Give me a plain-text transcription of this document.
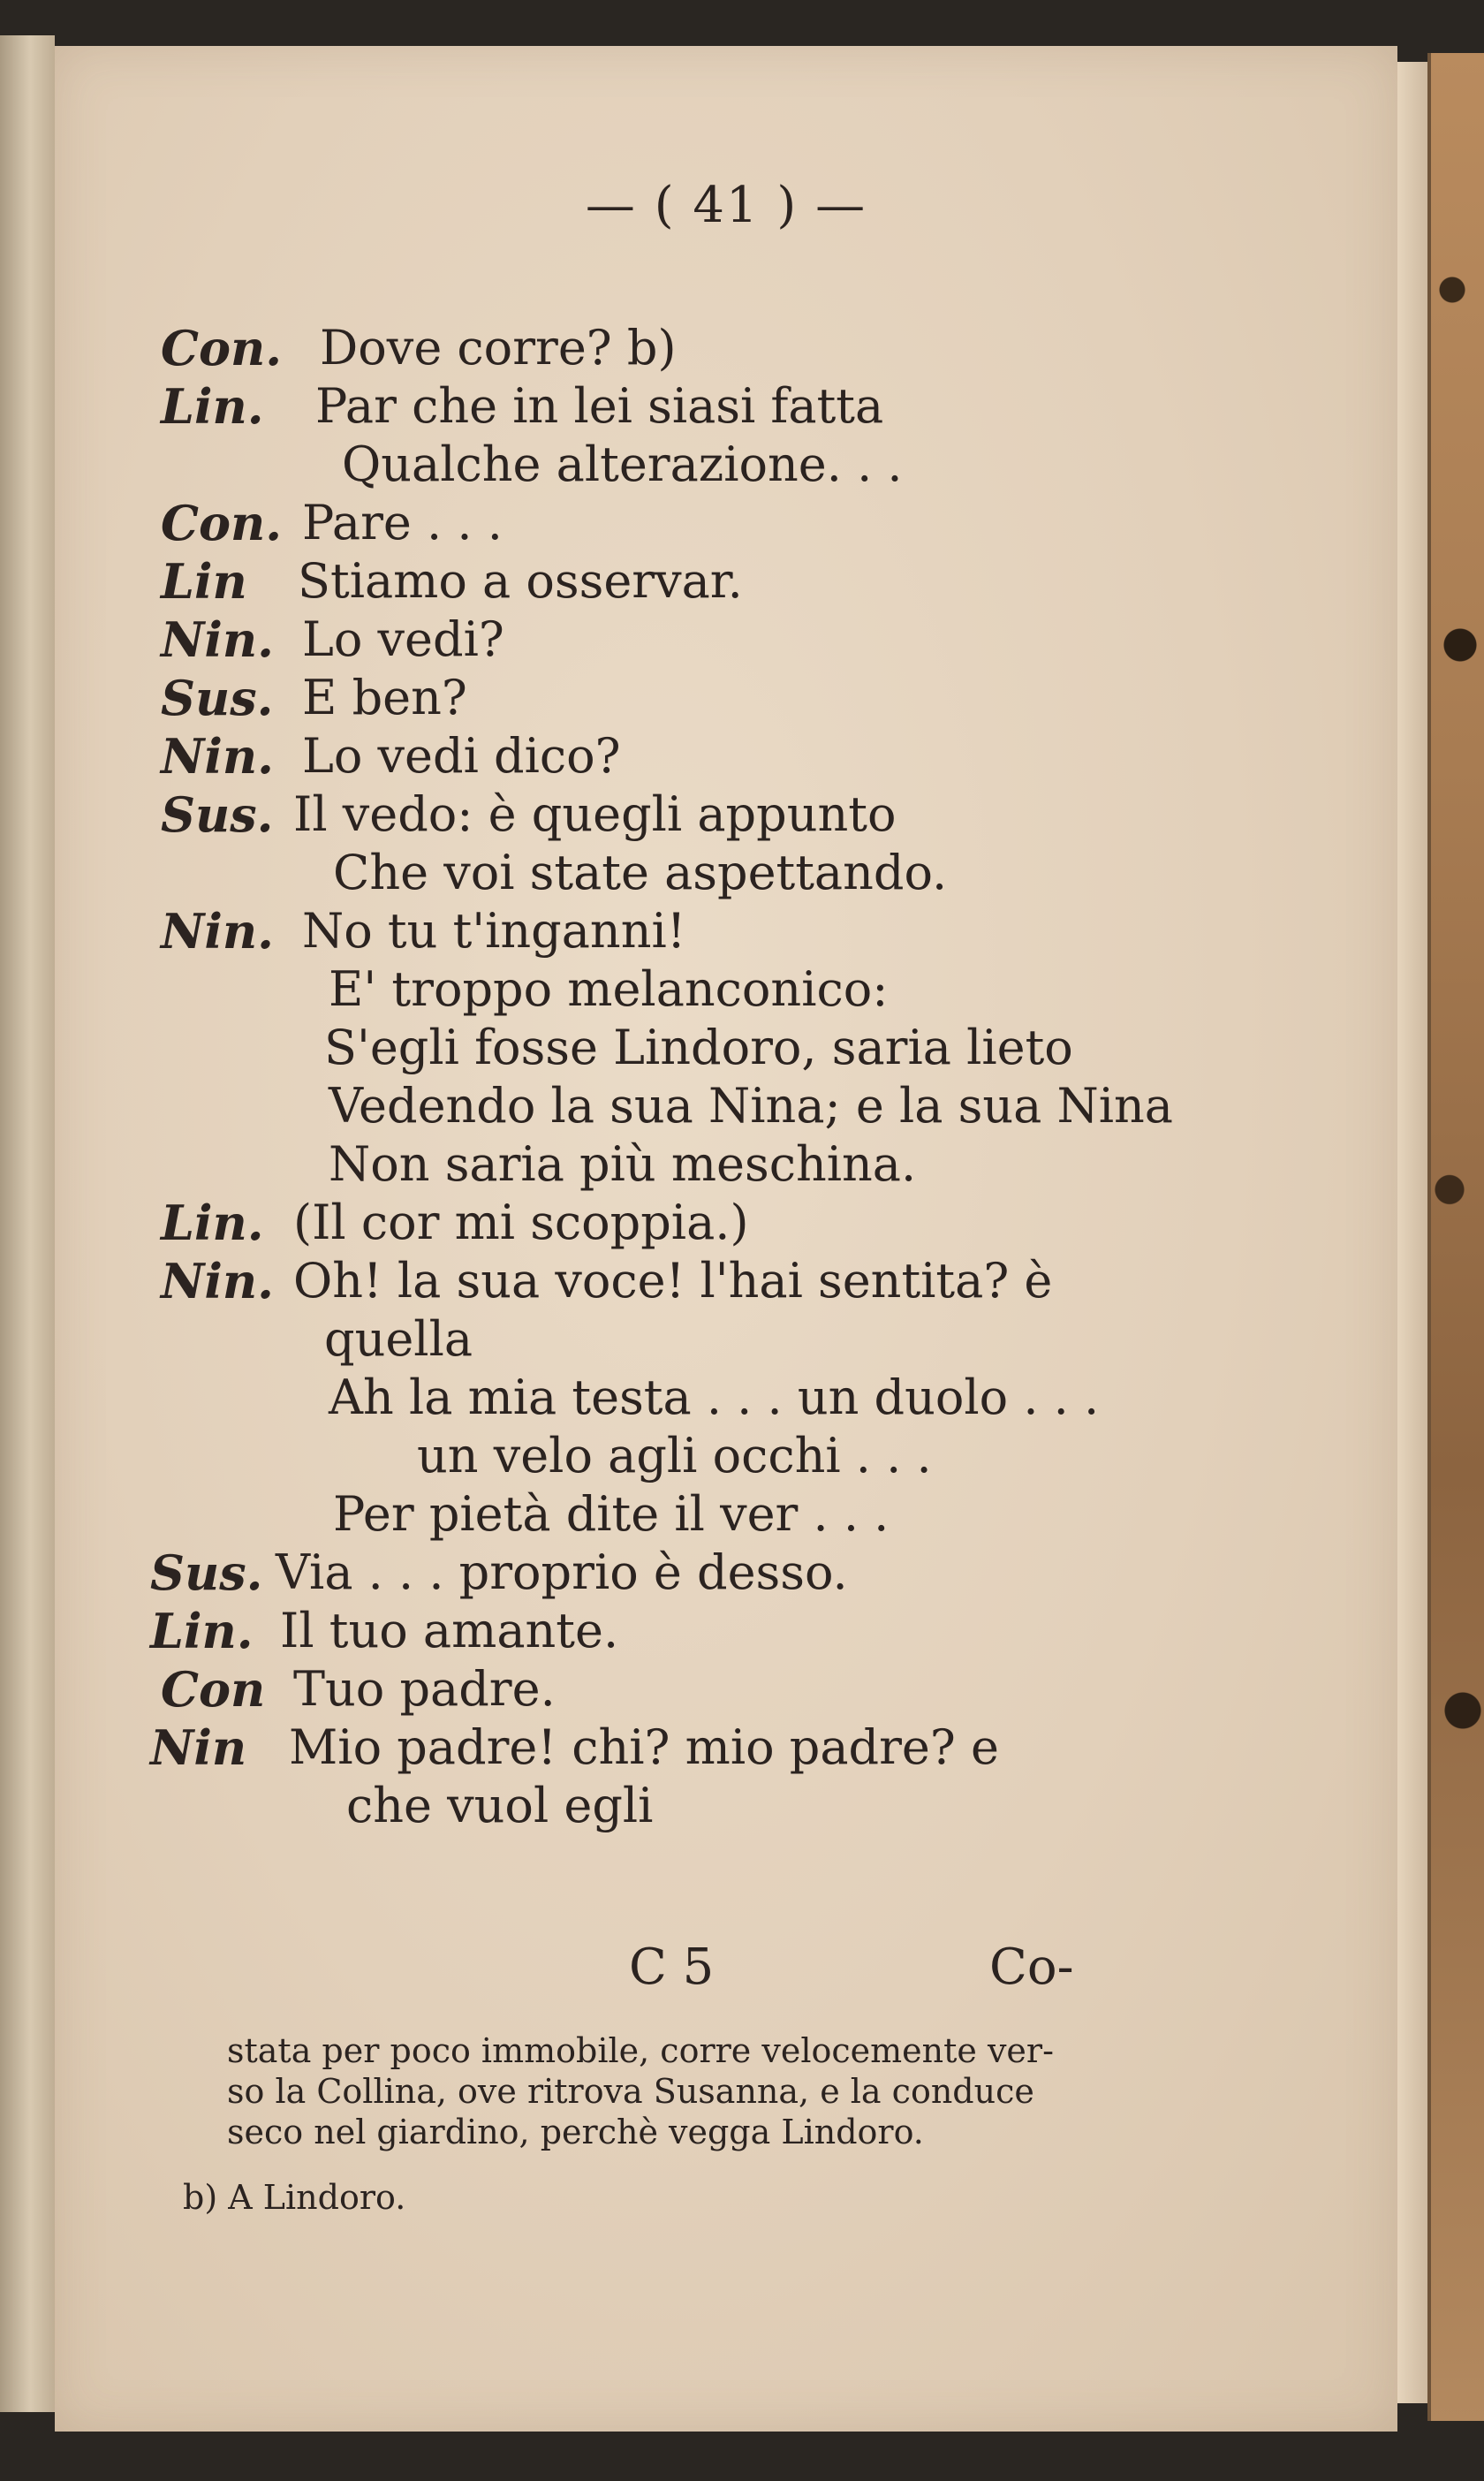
— ( 41 ) —
Con. Dove corre? b)
Lin. Par che in lei siasi fatta
Qualche alterazione. . .
Con. Pare . . .
Lin Stiamo a osservar.
Nin. Lo vedi?
Sus. E ben?
Nin. Lo vedi dico?
Sus. Il vedo: è quegli appunto
Che voi state aspettando.
Nin. No tu t'inganni!
E' troppo melanconico:
S'egli fosse Lindoro, saria lieto
Vedendo la sua Nina; e la sua Nina
Non saria più meschina.
Lin. (Il cor mi scoppia.)
Nin. Oh! la sua voce! l'hai sentita? è
quella
Ah la mia testa . . . un duolo . . .
un velo agli occhi . . .
Per pietà dite il ver . . .
Sus. Via . . . proprio è desso.
Lin. Il tuo amante.
Con Tuo padre.
Nin Mio padre! chi? mio padre? e
che vuol egli
C 5	Co-
stata per poco immobile, corre velocemente ver-
so la Collina, ove ritrova Susanna, e la conduce
seco nel giardino, perchè vegga Lindoro.
b) A Lindoro.
